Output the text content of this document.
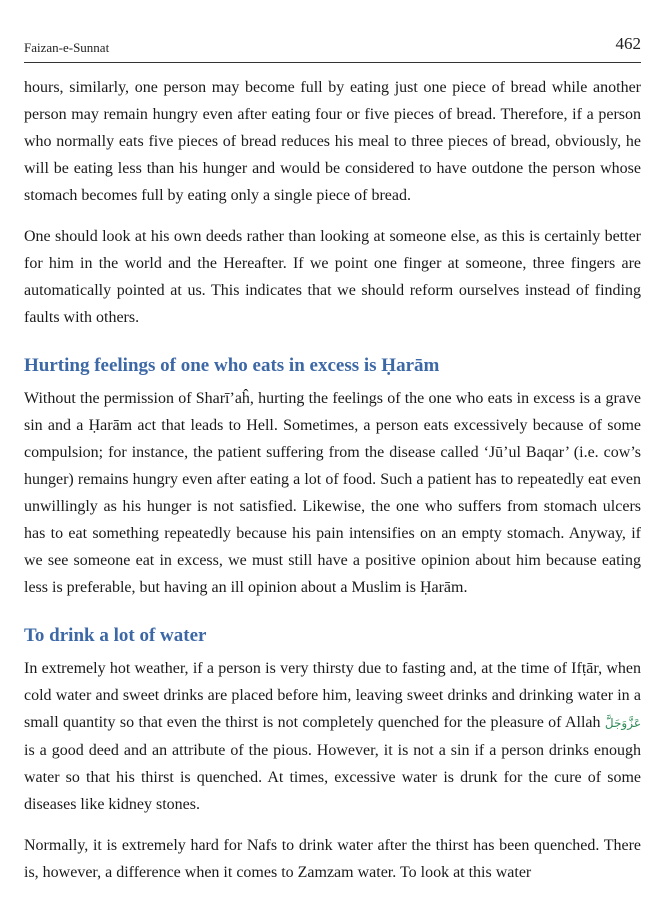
Faizan-e-Sunnat	462

hours, similarly, one person may become full by eating just one piece of bread while another person may remain hungry even after eating four or five pieces of bread. Therefore, if a person who normally eats five pieces of bread reduces his meal to three pieces of bread, obviously, he will be eating less than his hunger and would be considered to have outdone the person whose stomach becomes full by eating only a single piece of bread.

One should look at his own deeds rather than looking at someone else, as this is certainly better for him in the world and the Hereafter. If we point one finger at someone, three fingers are automatically pointed at us. This indicates that we should reform ourselves instead of finding faults with others.

Hurting feelings of one who eats in excess is Ḥarām

Without the permission of Sharī’aĥ, hurting the feelings of the one who eats in excess is a grave sin and a Ḥarām act that leads to Hell. Sometimes, a person eats excessively because of some compulsion; for instance, the patient suffering from the disease called ‘Jū’ul Baqar’ (i.e. cow’s hunger) remains hungry even after eating a lot of food. Such a patient has to repeatedly eat even unwillingly as his hunger is not satisfied. Likewise, the one who suffers from stomach ulcers has to eat something repeatedly because his pain intensifies on an empty stomach. Anyway, if we see someone eat in excess, we must still have a positive opinion about him because eating less is preferable, but having an ill opinion about a Muslim is Ḥarām.

To drink a lot of water

In extremely hot weather, if a person is very thirsty due to fasting and, at the time of Ifṭār, when cold water and sweet drinks are placed before him, leaving sweet drinks and drinking water in a small quantity so that even the thirst is not completely quenched for the pleasure of Allah عَزَّوَجَلَّ is a good deed and an attribute of the pious. However, it is not a sin if a person drinks enough water so that his thirst is quenched. At times, excessive water is drunk for the cure of some diseases like kidney stones.

Normally, it is extremely hard for Nafs to drink water after the thirst has been quenched. There is, however, a difference when it comes to Zamzam water. To look at this water
